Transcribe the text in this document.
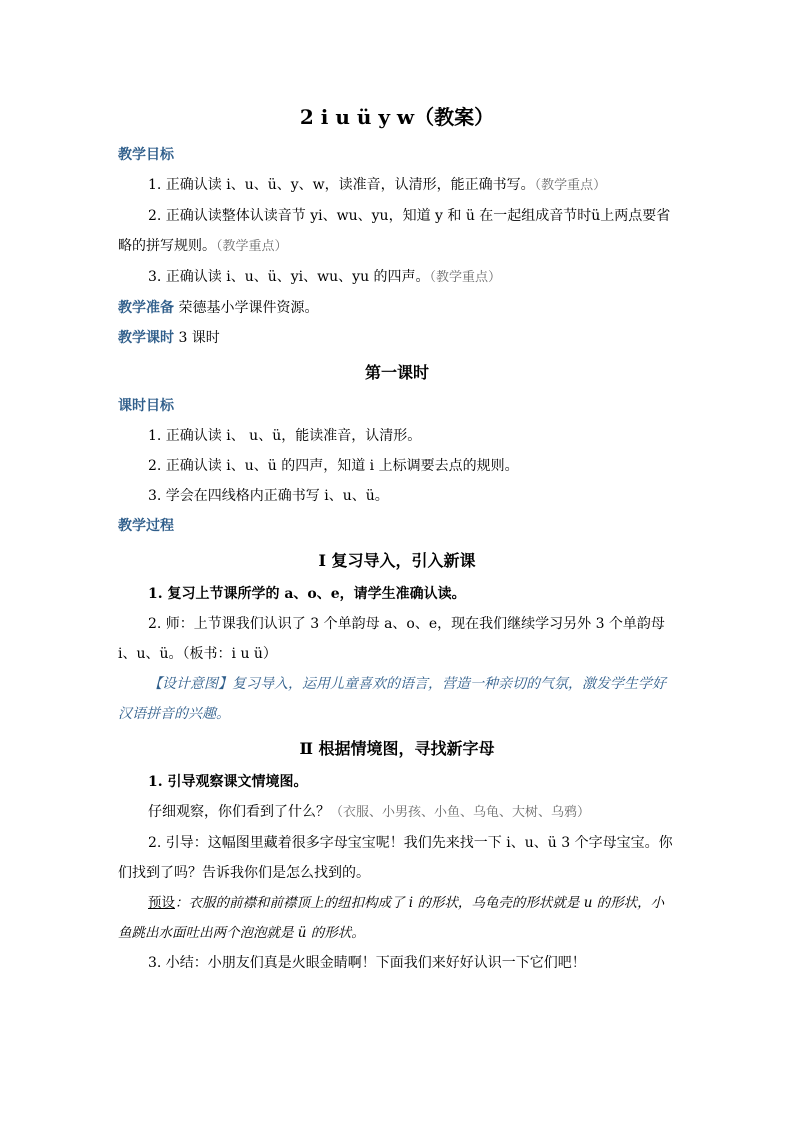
2 i u ü y w（教案）
教学目标

1. 正确认读 i、u、ü、y、w，读准音，认清形，能正确书写。（教学重点）

2. 正确认读整体认读音节 yi、wu、yu，知道 y 和 ü 在一起组成音节时ü上两点要省略的拼写规则。（教学重点）

3. 正确认读 i、u、ü、yi、wu、yu 的四声。（教学重点）

教学准备 荣德基小学课件资源。

教学课时 3 课时

第一课时
课时目标

1. 正确认读 i、 u、ü，能读准音，认清形。

2. 正确认读 i、u、ü 的四声，知道 i 上标调要去点的规则。

3. 学会在四线格内正确书写 i、u、ü。

教学过程
Ⅰ 复习导入，引入新课

1. 复习上节课所学的 a、o、e，请学生准确认读。

2. 师：上节课我们认识了 3 个单韵母 a、o、e，现在我们继续学习另外 3 个单韵母 i、u、ü。（板书：i u ü）

【设计意图】复习导入，运用儿童喜欢的语言，营造一种亲切的气氛，激发学生学好汉语拼音的兴趣。

Ⅱ 根据情境图，寻找新字母

1. 引导观察课文情境图。

仔细观察，你们看到了什么？（衣服、小男孩、小鱼、乌龟、大树、乌鸦）

2. 引导：这幅图里藏着很多字母宝宝呢！我们先来找一下 i、u、ü 3 个字母宝宝。你们找到了吗？告诉我你们是怎么找到的。

预设：衣服的前襟和前襟顶上的纽扣构成了 i 的形状，乌龟壳的形状就是 u 的形状，小鱼跳出水面吐出两个泡泡就是 ü 的形状。

3. 小结：小朋友们真是火眼金睛啊！下面我们来好好认识一下它们吧！
